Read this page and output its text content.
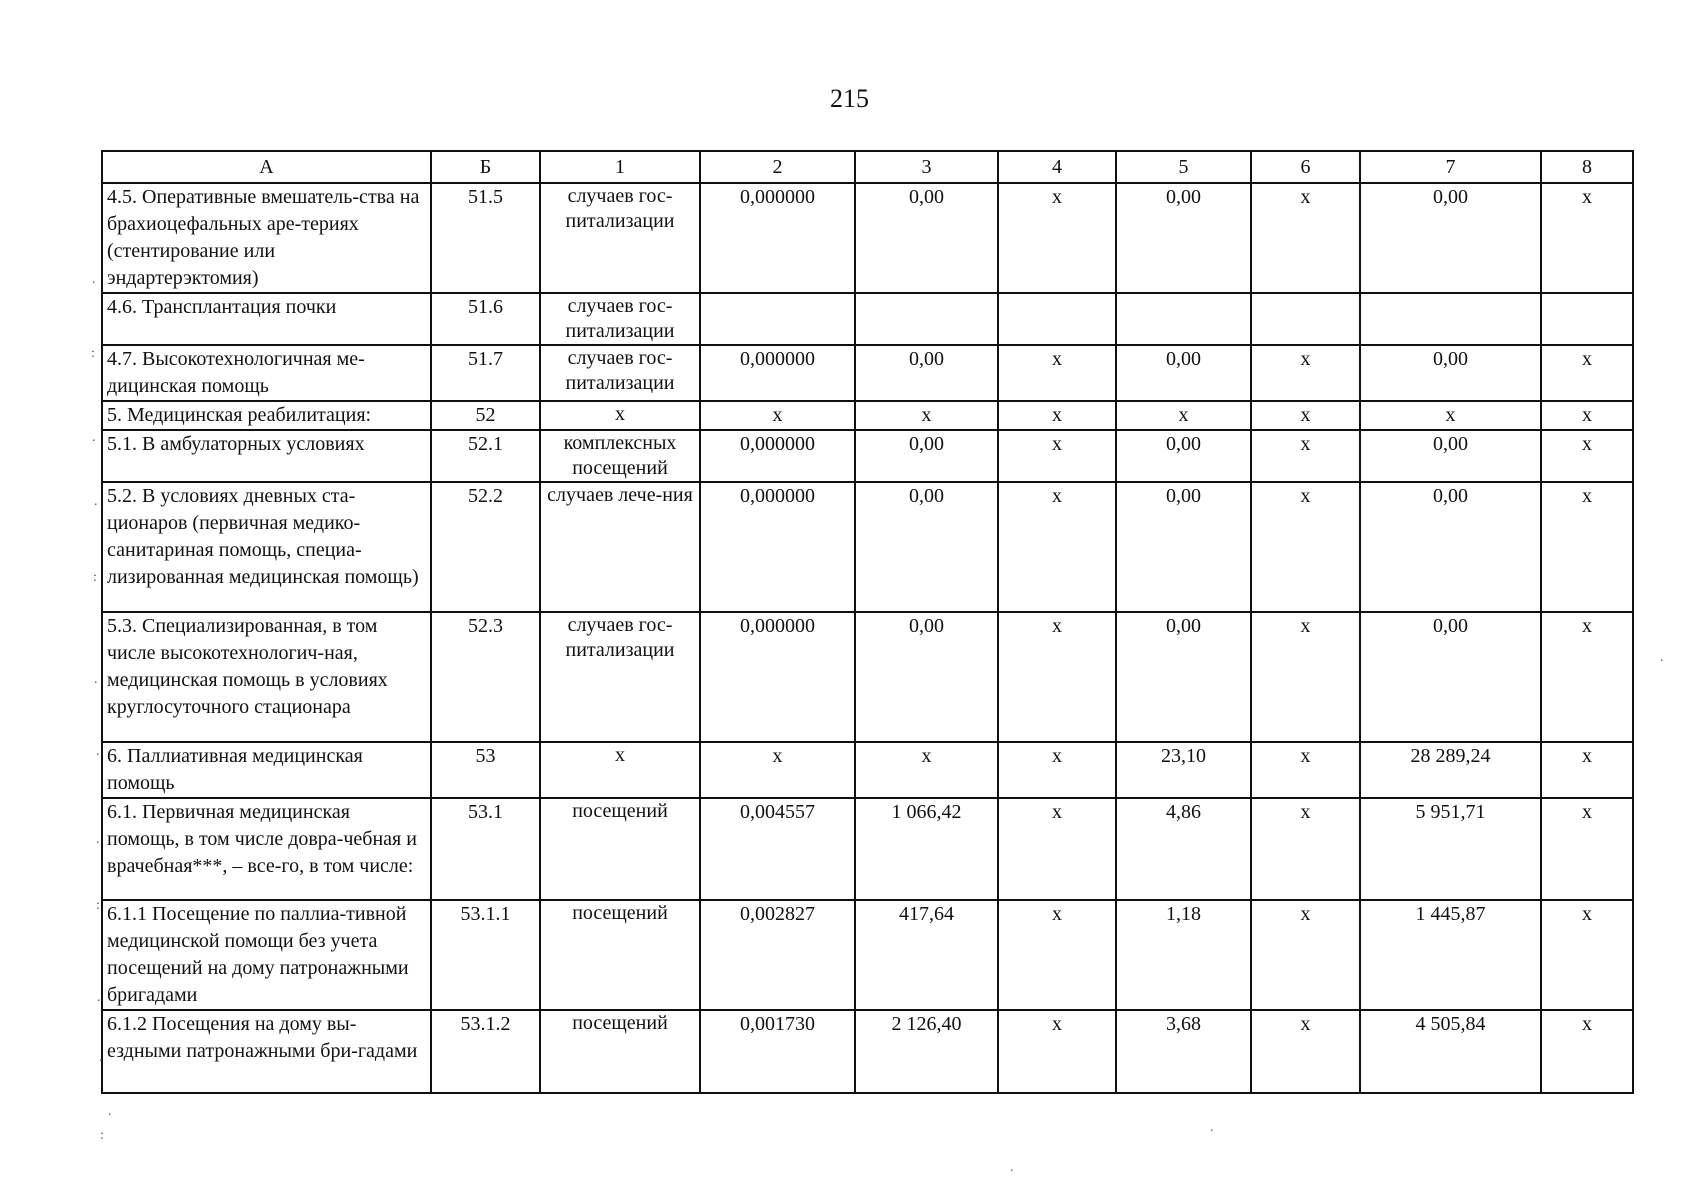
215
А	Б	1	2	3	4	5	6	7	8
4.5. Оперативные вмешатель-ства на брахиоцефальных арe-териях (стентирование или эндартерэктомия)	51.5	случаев гос-питализации	0,000000	0,00	x	0,00	x	0,00	x
4.6. Трансплантация почки	51.6	случаев гос-питализации							
4.7. Высокотехнологичная ме-дицинская помощь	51.7	случаев гос-питализации	0,000000	0,00	x	0,00	x	0,00	x
5. Медицинская реабилитация:	52	x	x	x	x	x	x	x	x
5.1. В амбулаторных условиях	52.1	комплексных посещений	0,000000	0,00	x	0,00	x	0,00	x
5.2. В условиях дневных ста-ционаров (первичная медико-санитариная помощь, специа-лизированная медицинская помощь)	52.2	случаев лече-ния	0,000000	0,00	x	0,00	x	0,00	x
5.3. Специализированная, в том числе высокотехнологич-ная, медицинская помощь в условиях круглосуточного стационара	52.3	случаев гос-питализации	0,000000	0,00	x	0,00	x	0,00	x
6. Паллиативная медицинская помощь	53	x	x	x	x	23,10	x	28 289,24	x
6.1. Первичная медицинская помощь, в том числе довра-чебная и врачебная***, – все-го, в том числе:	53.1	посещений	0,004557	1 066,42	x	4,86	x	5 951,71	x
6.1.1 Посещение по паллиа-тивной медицинской помощи без учета посещений на дому патронажными бригадами	53.1.1	посещений	0,002827	417,64	x	1,18	x	1 445,87	x
6.1.2 Посещения на дому вы-ездными патронажными бри-гадами	53.1.2	посещений	0,001730	2 126,40	x	3,68	x	4 505,84	x
.
:
.
.
:
.
.
.
:
.
.
.
:
.
.
.
